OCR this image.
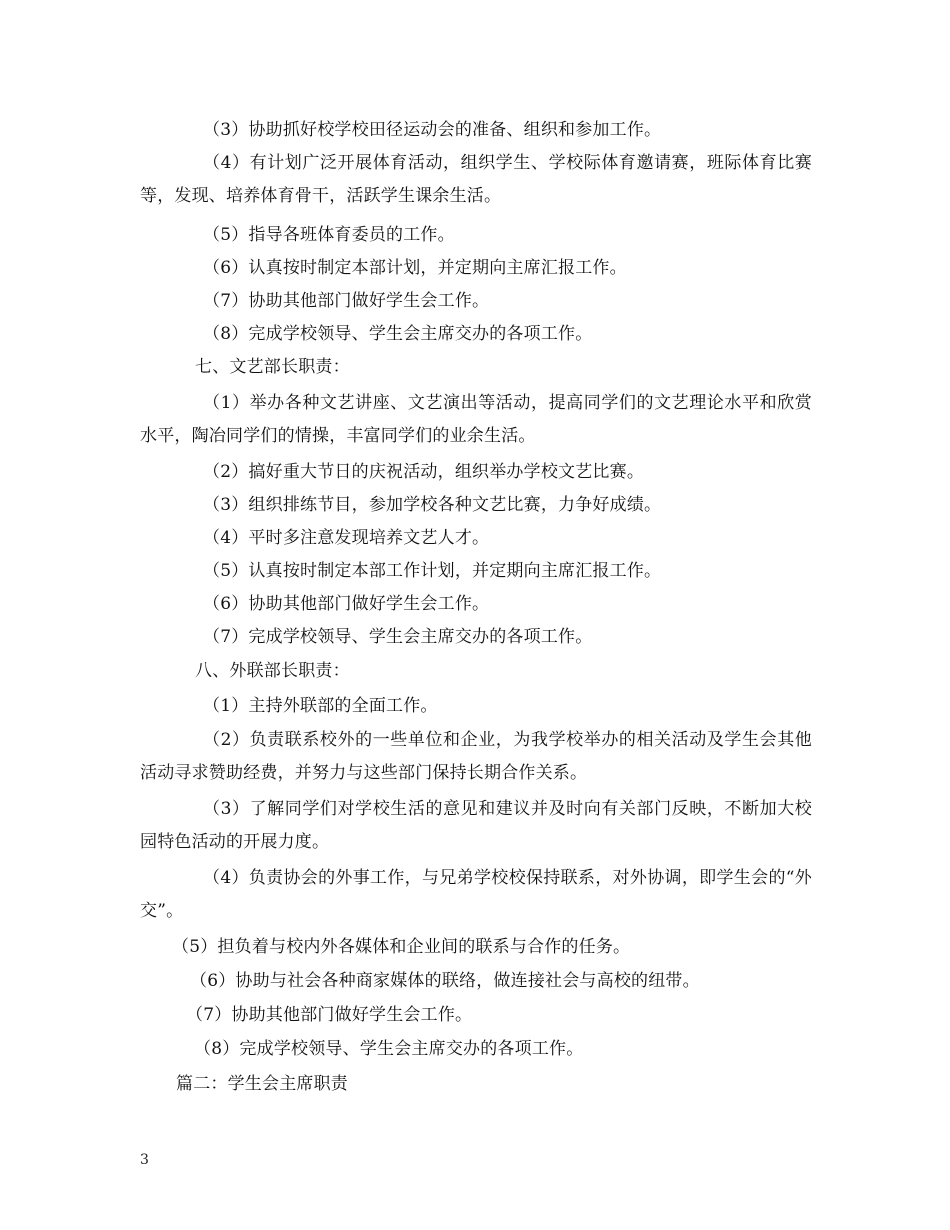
（3）协助抓好校学校田径运动会的准备、组织和参加工作。
（4）有计划广泛开展体育活动，组织学生、学校际体育邀请赛，班际体育比赛等，发现、培养体育骨干，活跃学生课余生活。
（5）指导各班体育委员的工作。
（6）认真按时制定本部计划，并定期向主席汇报工作。
（7）协助其他部门做好学生会工作。
（8）完成学校领导、学生会主席交办的各项工作。
七、文艺部长职责：
（1）举办各种文艺讲座、文艺演出等活动，提高同学们的文艺理论水平和欣赏水平，陶冶同学们的情操，丰富同学们的业余生活。
（2）搞好重大节日的庆祝活动，组织举办学校文艺比赛。
（3）组织排练节目，参加学校各种文艺比赛，力争好成绩。
（4）平时多注意发现培养文艺人才。
（5）认真按时制定本部工作计划，并定期向主席汇报工作。
（6）协助其他部门做好学生会工作。
（7）完成学校领导、学生会主席交办的各项工作。
八、外联部长职责：
（1）主持外联部的全面工作。
（2）负责联系校外的一些单位和企业，为我学校举办的相关活动及学生会其他活动寻求赞助经费，并努力与这些部门保持长期合作关系。
（3）了解同学们对学校生活的意见和建议并及时向有关部门反映，不断加大校园特色活动的开展力度。
（4）负责协会的外事工作，与兄弟学校校保持联系，对外协调，即学生会的“外交”。
（5）担负着与校内外各媒体和企业间的联系与合作的任务。
（6）协助与社会各种商家媒体的联络，做连接社会与高校的纽带。
（7）协助其他部门做好学生会工作。
（8）完成学校领导、学生会主席交办的各项工作。
篇二：学生会主席职责
3
